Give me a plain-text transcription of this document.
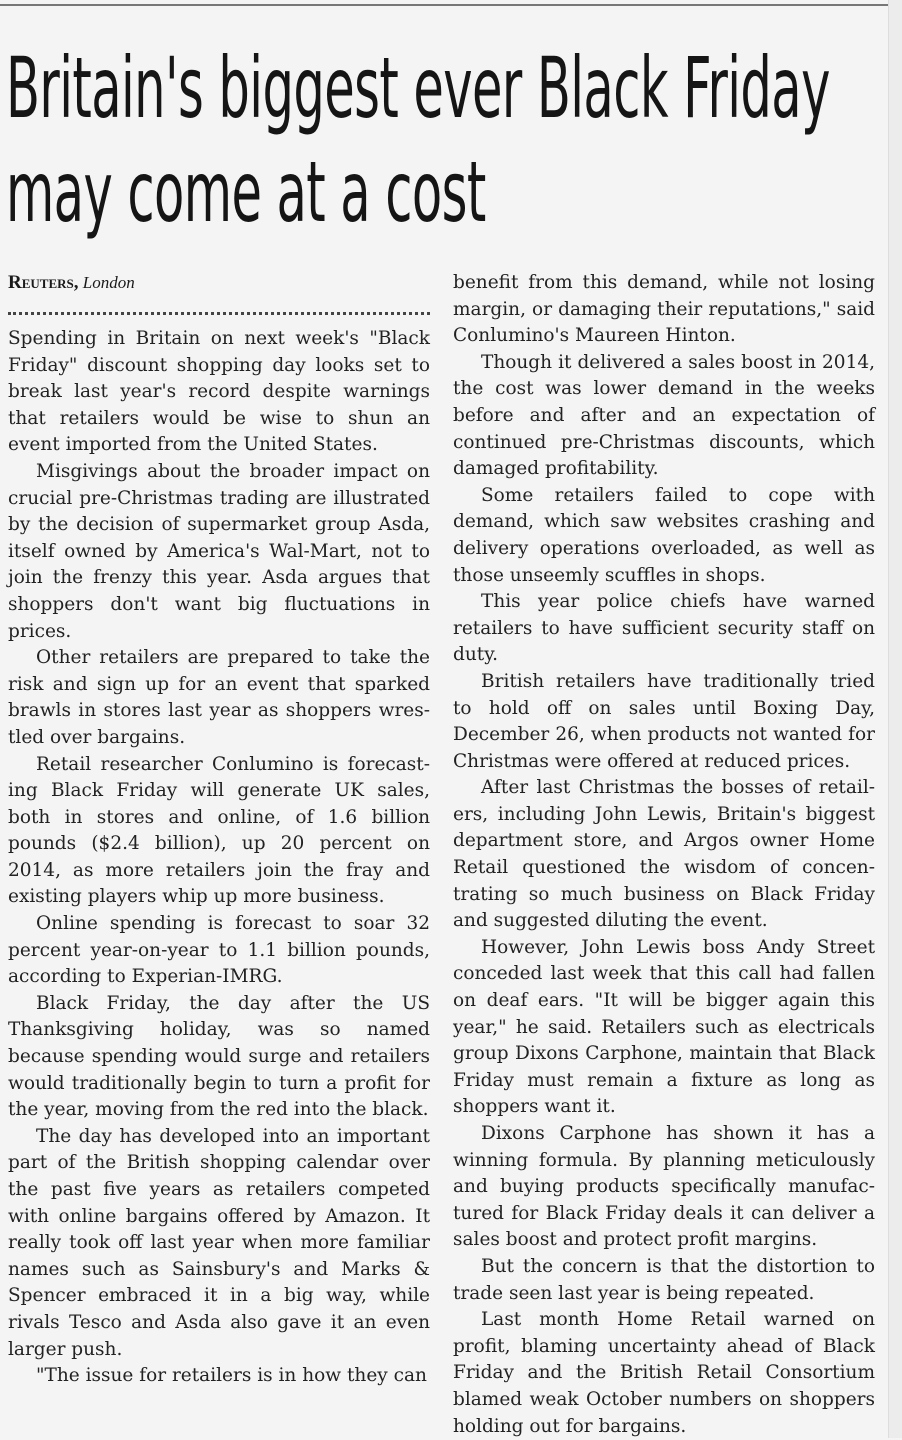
Britain's biggest ever Black Friday may come at a cost
Reuters, London

Spending in Britain on next week's "Black Friday" discount shopping day looks set to break last year's record despite warnings that retailers would be wise to shun an event imported from the United States.

Misgivings about the broader impact on crucial pre-Christmas trading are illustrated by the decision of supermarket group Asda, itself owned by America's Wal-Mart, not to join the frenzy this year. Asda argues that shoppers don't want big fluctuations in prices.

Other retailers are prepared to take the risk and sign up for an event that sparked brawls in stores last year as shoppers wrestled over bargains.

Retail researcher Conlumino is forecasting Black Friday will generate UK sales, both in stores and online, of 1.6 billion pounds ($2.4 billion), up 20 percent on 2014, as more retailers join the fray and existing players whip up more business.

Online spending is forecast to soar 32 percent year-on-year to 1.1 billion pounds, according to Experian-IMRG.

Black Friday, the day after the US Thanksgiving holiday, was so named because spending would surge and retailers would traditionally begin to turn a profit for the year, moving from the red into the black.

The day has developed into an important part of the British shopping calendar over the past five years as retailers competed with online bargains offered by Amazon. It really took off last year when more familiar names such as Sainsbury's and Marks & Spencer embraced it in a big way, while rivals Tesco and Asda also gave it an even larger push.

"The issue for retailers is in how they can

benefit from this demand, while not losing margin, or damaging their reputations," said Conlumino's Maureen Hinton.

Though it delivered a sales boost in 2014, the cost was lower demand in the weeks before and after and an expectation of continued pre-Christmas discounts, which damaged profitability.

Some retailers failed to cope with demand, which saw websites crashing and delivery operations overloaded, as well as those unseemly scuffles in shops.

This year police chiefs have warned retailers to have sufficient security staff on duty.

British retailers have traditionally tried to hold off on sales until Boxing Day, December 26, when products not wanted for Christmas were offered at reduced prices.

After last Christmas the bosses of retailers, including John Lewis, Britain's biggest department store, and Argos owner Home Retail questioned the wisdom of concentrating so much business on Black Friday and suggested diluting the event.

However, John Lewis boss Andy Street conceded last week that this call had fallen on deaf ears. "It will be bigger again this year," he said. Retailers such as electricals group Dixons Carphone, maintain that Black Friday must remain a fixture as long as shoppers want it.

Dixons Carphone has shown it has a winning formula. By planning meticulously and buying products specifically manufactured for Black Friday deals it can deliver a sales boost and protect profit margins.

But the concern is that the distortion to trade seen last year is being repeated.

Last month Home Retail warned on profit, blaming uncertainty ahead of Black Friday and the British Retail Consortium blamed weak October numbers on shoppers holding out for bargains.
